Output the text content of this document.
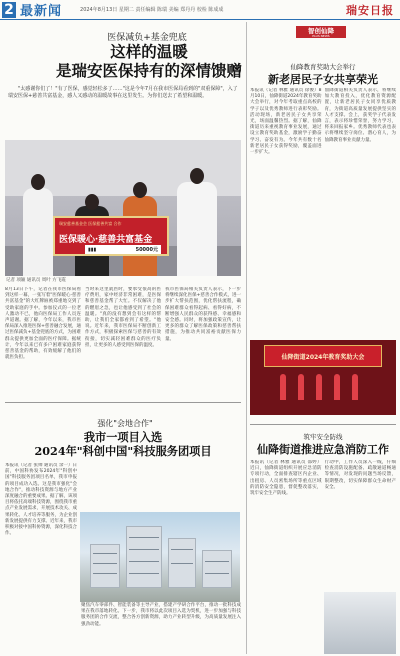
2 最新闻	2024年8月13日 星期二 责任编辑 陈瑞 美编 郑丹丹 校检 陈成成	瑞安日报
医保减负+基金兜底
这样的温暖
是瑞安医保持有的深情馈赠
"太感谢你们了！"有了医保，感觉轻松多了……"这是今年7月在我市医保局看到的"双重保障"，入了瑞安医保+慈善共富基金，感人又感动的温暖故事在这里发生。为你们送去了希望和温暖。
瑞安慈善基金会 医保慈善共富 合作
医保暖心·慈善共富基金
▮▮▮	50000元
记者 项颖 通讯员 周叶 方飞霞
8月13日下午，记者在我市医保局看到这样一幕，一张写着"医保暖心·慈善共富基金"的大红牌匾被郑重地交到了受助家庭的手中。参加仪式的一位老人激动不已，他向医保局工作人员连声道谢。据了解，今年以来，我市医保局深入推进医保+慈善融合发展，通过医保减负+基金兜底的方式，为困难群众提供更加全面的医疗保障。据统计，今年以来已有多户困难家庭获得慈善基金的帮助，有效缓解了他们的就医负担。
当时来这里就医时，要承受很高的医疗费用，家中经济非常困难，是医保和慈善基金帮了大忙。不仅解决了他的燃眉之急，也让他感受到了社会的温暖。"真的没有想到会有这样的帮助，让我们全家都看到了希望。"他说。近年来，我市医保局不断创新工作方式，积极探索医保与慈善的有效衔接，切实减轻困难群众的医疗负担，让更多的人感受到医保的温度。
我市医保局相关负责人表示，下一步将继续深化医保+慈善合作模式，进一步扩大帮扶范围，优化帮扶流程，确保困难群众看得起病、看得好病，不断增强人民群众的获得感、幸福感和安全感。同时，将加强政策宣传，让更多的群众了解医保政策和慈善帮扶措施，为推动共同富裕贡献医保力量。
强化"会地合作"
我市一项目入选
2024年"科创中国"科技服务团项目
本报讯（记者 张帅 通讯员 余一）日前，中国科协发布2024年"科创中国"科技服务团项目名单，我市申报的项目成功入选。这是我市强化"会地合作"，推动科技资源与地方产业深度融合的重要成果。据了解，该项目将依托高端科技资源，围绕我市重点产业发展需求，开展技术攻关、成果转化、人才培养等服务，为企业创新发展提供有力支撑。近年来，我市积极对接中国科协资源，深化科技合作。
聚焦汽车零部件、智能装备等主导产业，搭建产学研合作平台，推动一批科技成果在我市落地转化。下一步，我市将以此次项目入选为契机，进一步加强与科技服务团的合作交流，整合各方创新资源，助力产业转型升级，为高质量发展注入强劲动能。
智创仙降
PLUS NEWS
仙降教育奖助大会举行
新老居民子女共享荣光
本报讯（记者 林雅 通讯员 徐俊）8月10日，仙降街道2024年教育奖助大会举行，对今年考取重点高校的学子以及优秀教师进行表彰奖励。活动现场，新老居民子女共享荣光，场面温馨热烈。据了解，仙降街道历来重视教育事业发展，通过设立教育奖助基金，激励学子勤奋学习、奋发有为。今年共有数十名新老居民子女获得奖励，覆盖面进一步扩大。
仙降街道相关负责人表示，将继续加大教育投入，优化教育资源配置，让新老居民子女同享优质教育，为街道高质量发展提供坚实的人才支撑。会上，获奖学子代表发言，表示将珍惜荣誉，努力学习，将来回报家乡。优秀教师代表也表示将继续坚守岗位、潜心育人，为仙降教育事业贡献力量。
仙降街道2024年教育奖助大会
筑牢安全防线
仙降街道推进应急消防工作
本报讯（记者 林雅 通讯员 邵婷）近日，仙降街道组织开展应急消防专项行动，全面排查辖区内企业、出租房、人员密集场所等重点区域的消防安全隐患，督促整改落实，筑牢安全生产防线。
行动中，工作人员深入一线，仔细检查消防设施配备、疏散通道畅通等情况，对发现的问题当场反馈，限期整改，切实保障群众生命财产安全。
